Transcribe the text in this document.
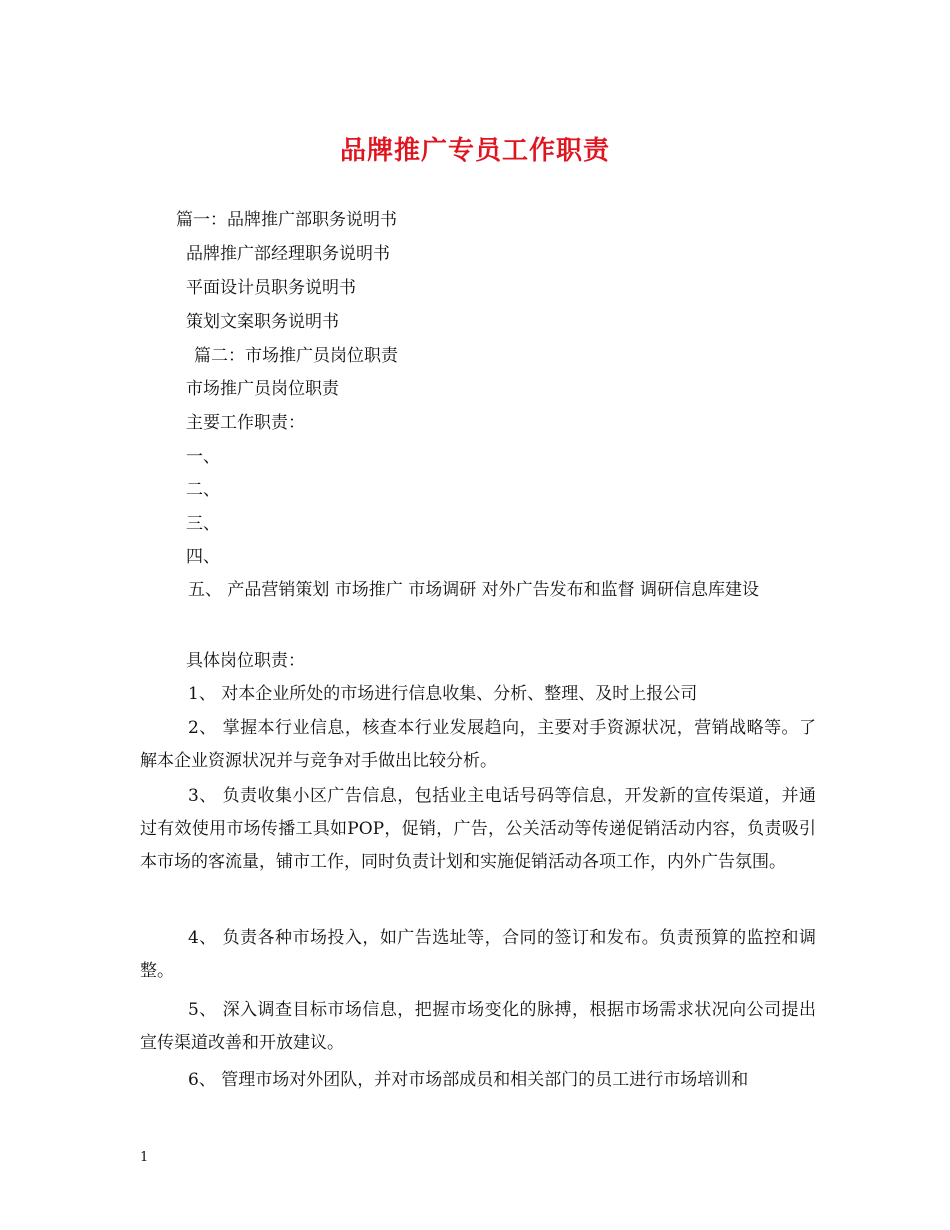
品牌推广专员工作职责
篇一：品牌推广部职务说明书
品牌推广部经理职务说明书
平面设计员职务说明书
策划文案职务说明书
篇二：市场推广员岗位职责
市场推广员岗位职责
主要工作职责：
一、
二、
三、
四、

五、 产品营销策划 市场推广 市场调研 对外广告发布和监督 调研信息库建设

具体岗位职责：

1、 对本企业所处的市场进行信息收集、分析、整理、及时上报公司

2、 掌握本行业信息，核查本行业发展趋向，主要对手资源状况，营销战略等。了解本企业资源状况并与竞争对手做出比较分析。

3、 负责收集小区广告信息，包括业主电话号码等信息，开发新的宣传渠道，并通过有效使用市场传播工具如POP，促销，广告，公关活动等传递促销活动内容，负责吸引本市场的客流量，铺市工作，同时负责计划和实施促销活动各项工作，内外广告氛围。

4、 负责各种市场投入，如广告选址等，合同的签订和发布。负责预算的监控和调整。

5、 深入调查目标市场信息，把握市场变化的脉搏，根据市场需求状况向公司提出宣传渠道改善和开放建议。

6、 管理市场对外团队，并对市场部成员和相关部门的员工进行市场培训和

1
